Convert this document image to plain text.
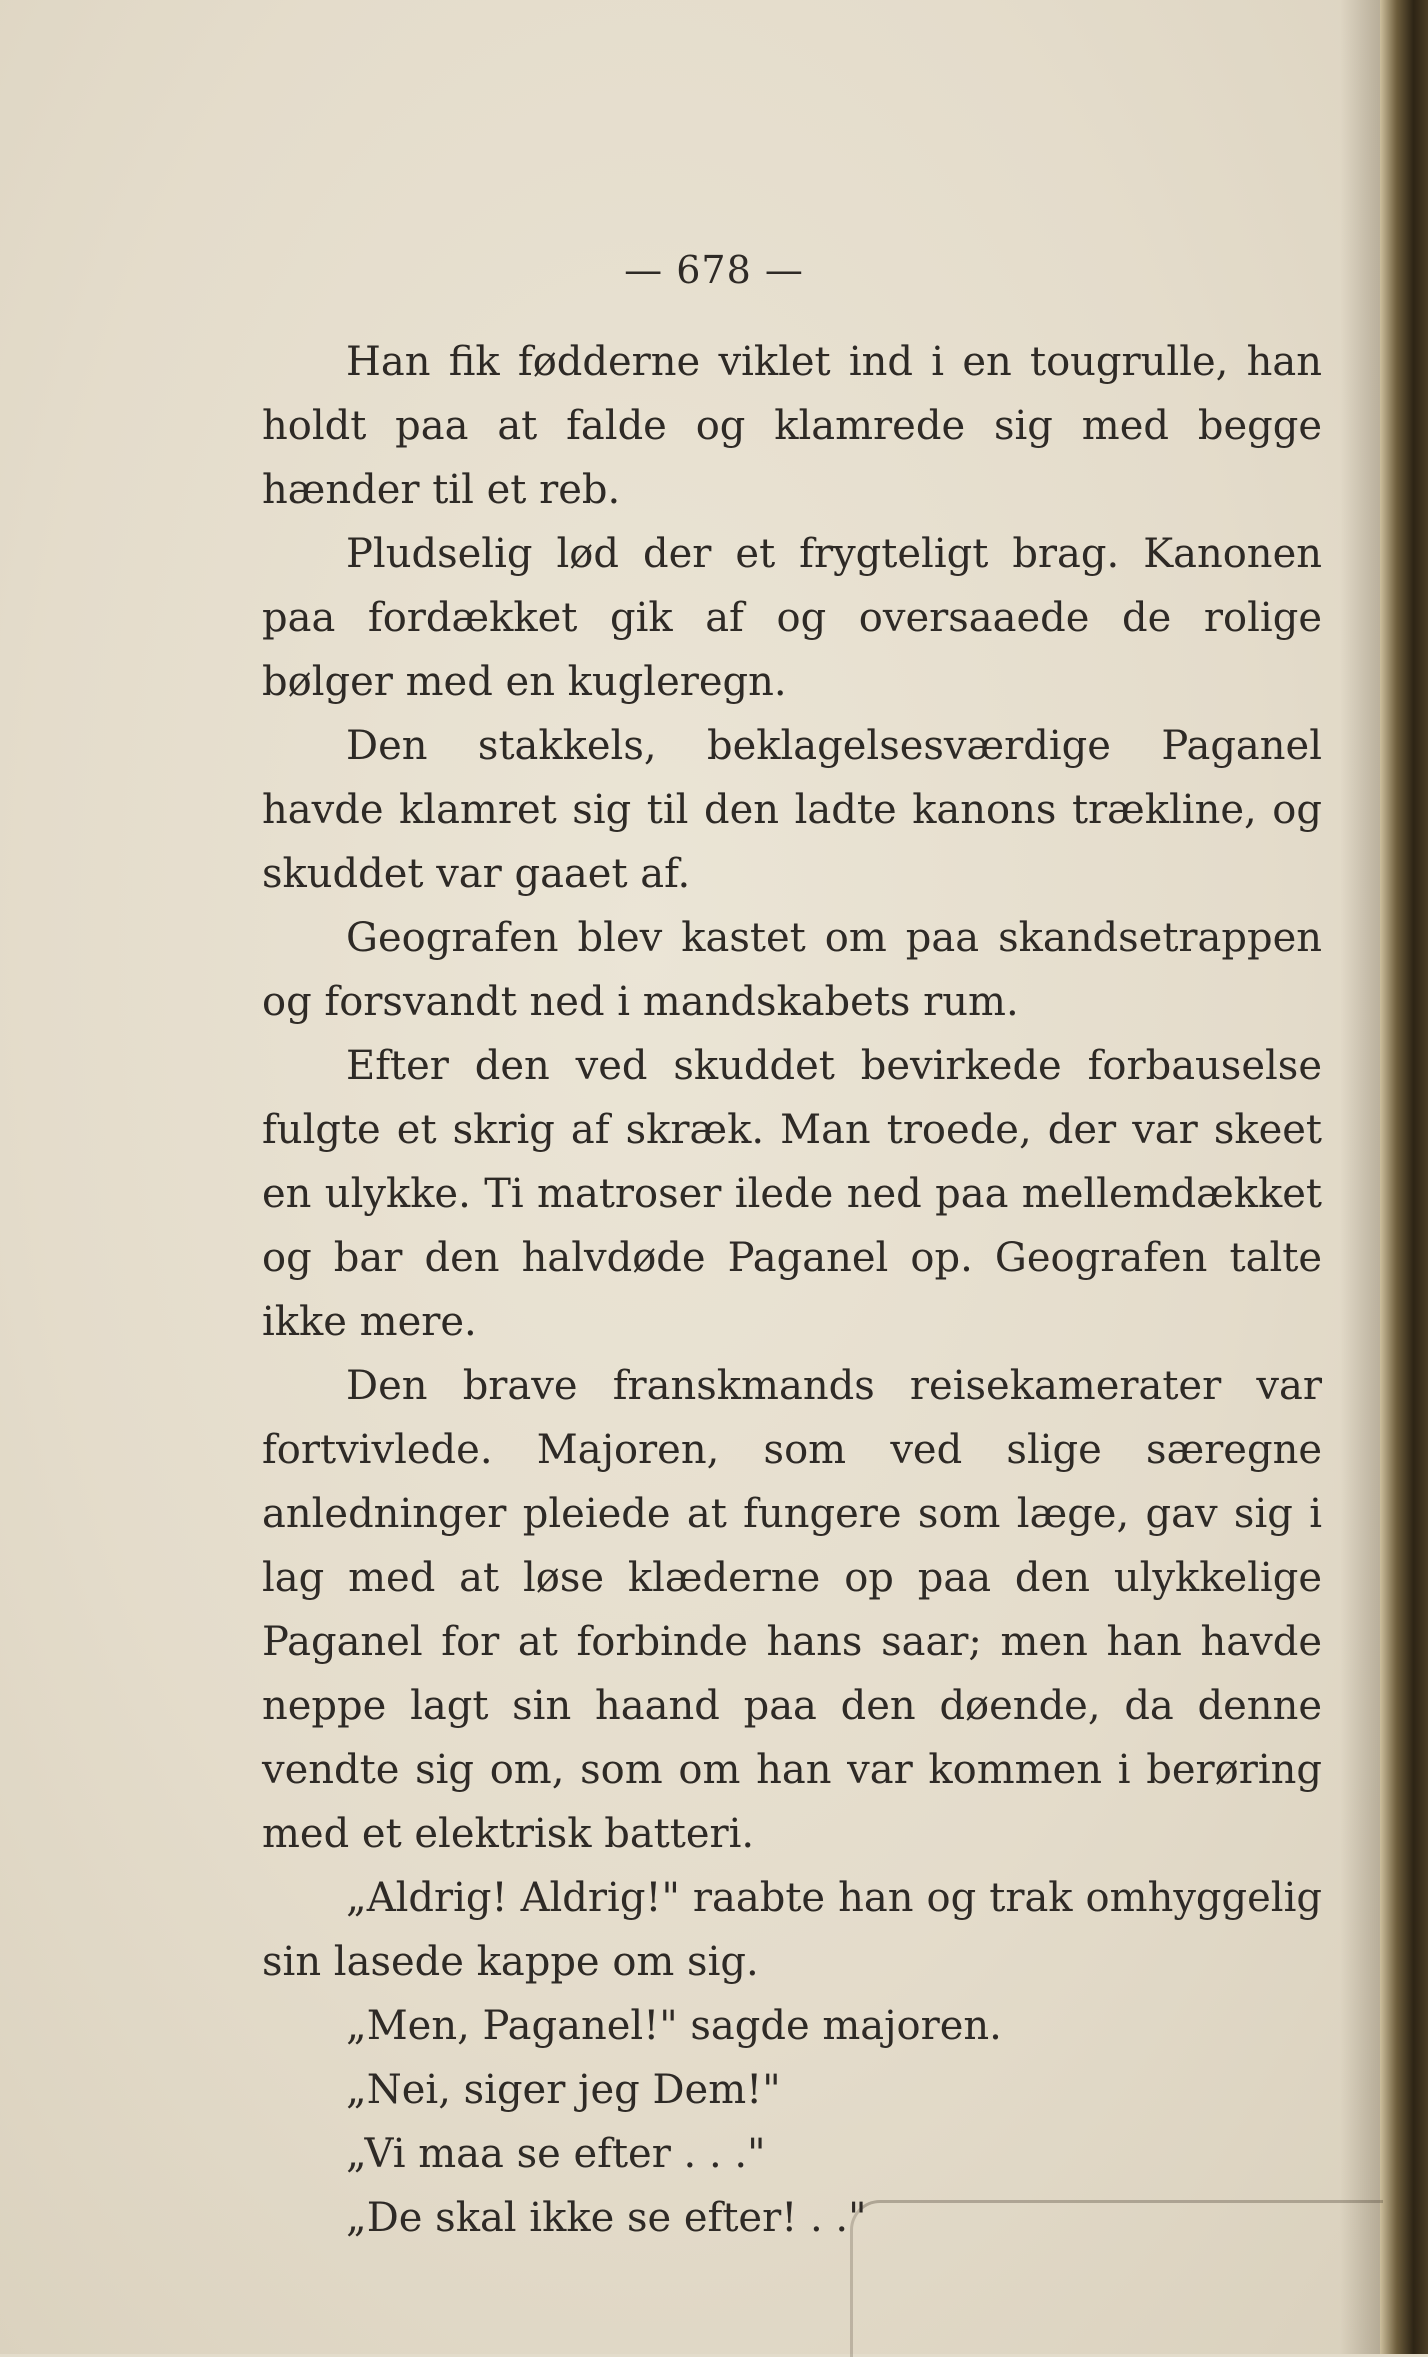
— 678 —

Han fik fødderne viklet ind i en tougrulle, han holdt paa at falde og klamrede sig med begge hænder til et reb.

Pludselig lød der et frygteligt brag. Kanonen paa fordækket gik af og oversaaede de rolige bølger med en kugleregn.

Den stakkels, beklagelsesværdige Paganel havde klamret sig til den ladte kanons trækline, og skuddet var gaaet af.

Geografen blev kastet om paa skandsetrappen og forsvandt ned i mandskabets rum.

Efter den ved skuddet bevirkede forbauselse fulgte et skrig af skræk. Man troede, der var skeet en ulykke. Ti matroser ilede ned paa mellemdækket og bar den halvdøde Paganel op. Geografen talte ikke mere.

Den brave franskmands reisekamerater var fortvivlede. Majoren, som ved slige særegne anledninger pleiede at fungere som læge, gav sig i lag med at løse klæderne op paa den ulykkelige Paganel for at forbinde hans saar; men han havde neppe lagt sin haand paa den døende, da denne vendte sig om, som om han var kommen i berøring med et elektrisk batteri.

„Aldrig! Aldrig!" raabte han og trak omhyggelig sin lasede kappe om sig.

„Men, Paganel!" sagde majoren.

„Nei, siger jeg Dem!"

„Vi maa se efter . . ."

„De skal ikke se efter! . ."
